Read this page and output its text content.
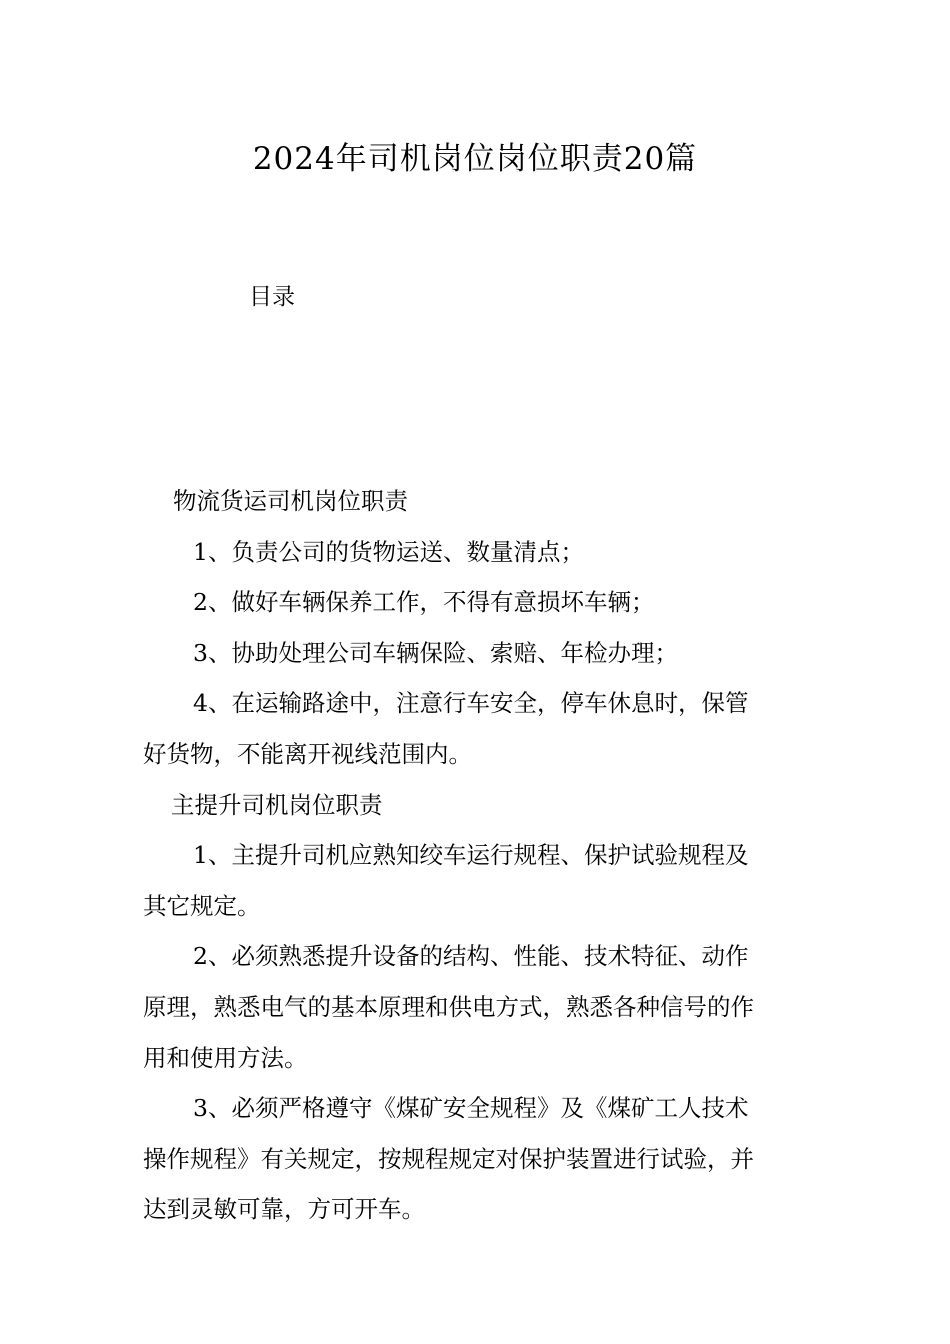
2024年司机岗位岗位职责20篇
目录

物流货运司机岗位职责

1、负责公司的货物运送、数量清点；

2、做好车辆保养工作，不得有意损坏车辆；

3、协助处理公司车辆保险、索赔、年检办理；

4、在运输路途中，注意行车安全，停车休息时，保管

好货物，不能离开视线范围内。

主提升司机岗位职责

1、主提升司机应熟知绞车运行规程、保护试验规程及

其它规定。

2、必须熟悉提升设备的结构、性能、技术特征、动作

原理，熟悉电气的基本原理和供电方式，熟悉各种信号的作

用和使用方法。

3、必须严格遵守《煤矿安全规程》及《煤矿工人技术

操作规程》有关规定，按规程规定对保护装置进行试验，并

达到灵敏可靠，方可开车。
